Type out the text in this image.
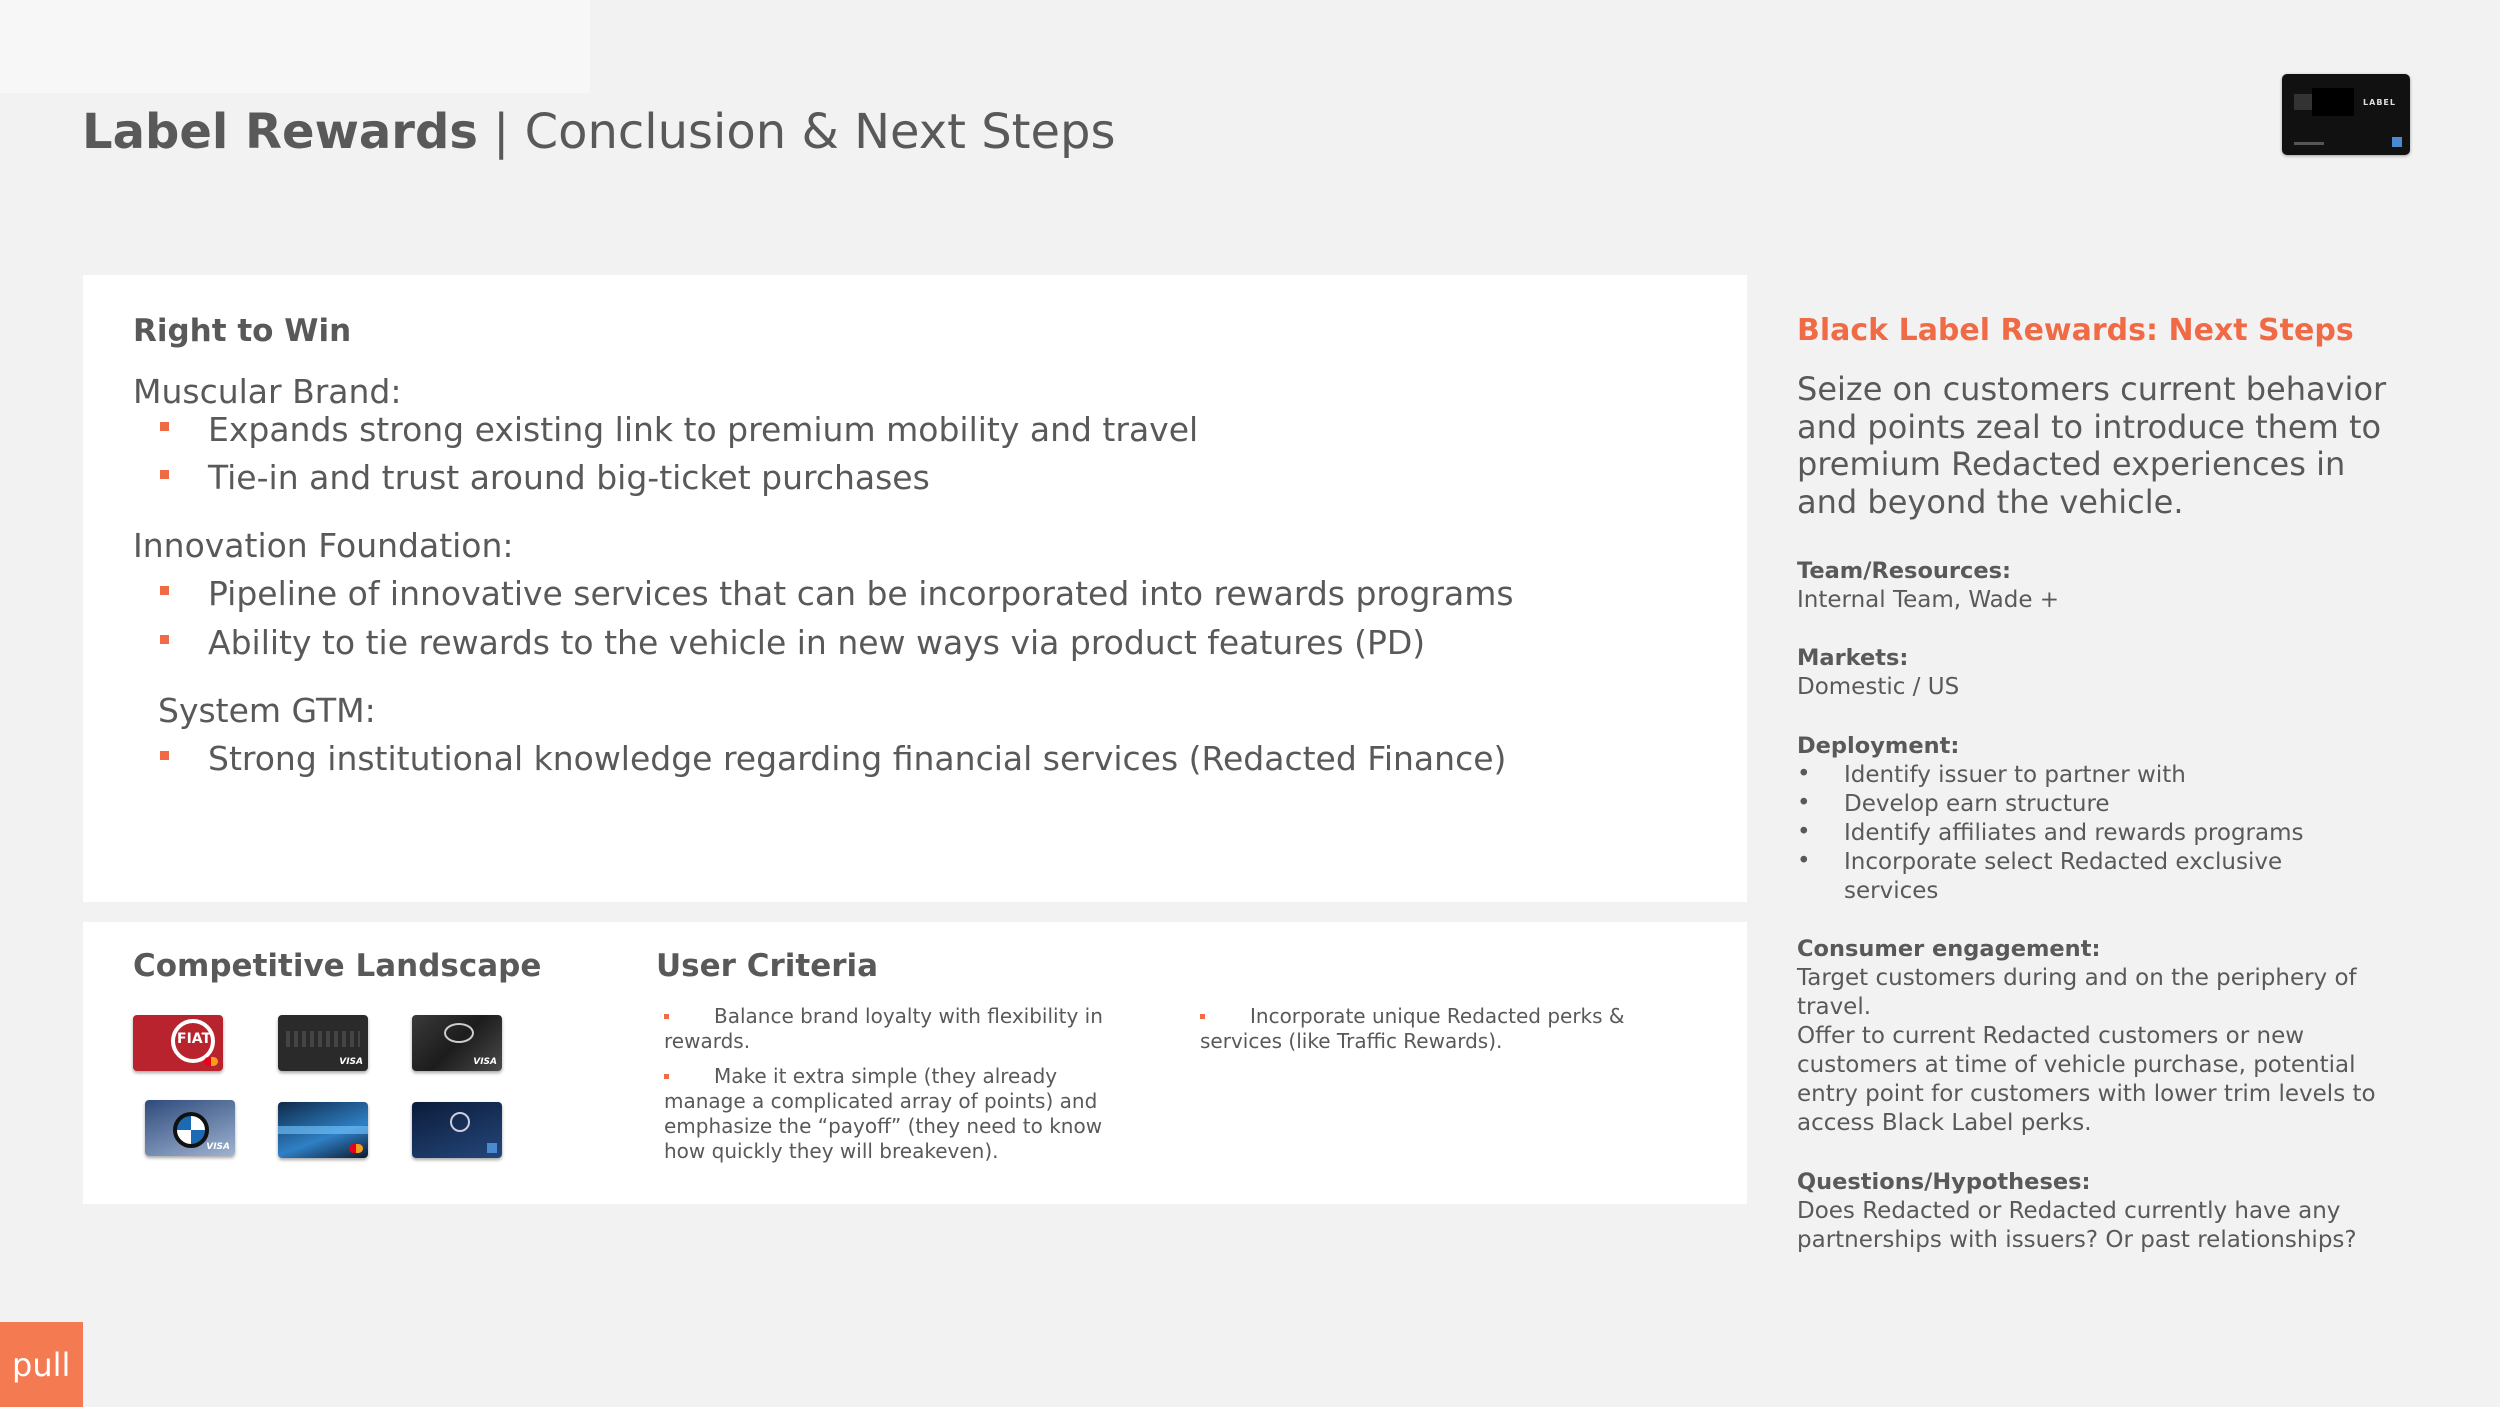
Label Rewards | Conclusion & Next Steps
LABEL
Right to Win
Muscular Brand:
Expands strong existing link to premium mobility and travel
Tie-in and trust around big-ticket purchases
Innovation Foundation:
Pipeline of innovative services that can be incorporated into rewards programs
Ability to tie rewards to the vehicle in new ways via product features (PD)
System GTM:
Strong institutional knowledge regarding financial services (Redacted Finance)
Competitive Landscape
FIAT
VISA	VISA
VISA
User Criteria
Balance brand loyalty with flexibility in rewards.
Make it extra simple (they already manage a complicated array of points) and emphasize the “payoff” (they need to know how quickly they will breakeven).
Incorporate unique Redacted perks & services (like Traffic Rewards).
Black Label Rewards: Next Steps
Seize on customers current behavior and points zeal to introduce them to premium Redacted experiences in and beyond the vehicle.
Team/Resources:
Internal Team, Wade +
Markets:
Domestic / US
Deployment:
• Identify issuer to partner with
• Develop earn structure
• Identify affiliates and rewards programs
• Incorporate select Redacted exclusive services
Consumer engagement:
Target customers during and on the periphery of travel.
Offer to current Redacted customers or new customers at time of vehicle purchase, potential entry point for customers with lower trim levels to access Black Label perks.
Questions/Hypotheses:
Does Redacted or Redacted currently have any partnerships with issuers? Or past relationships?
pull
